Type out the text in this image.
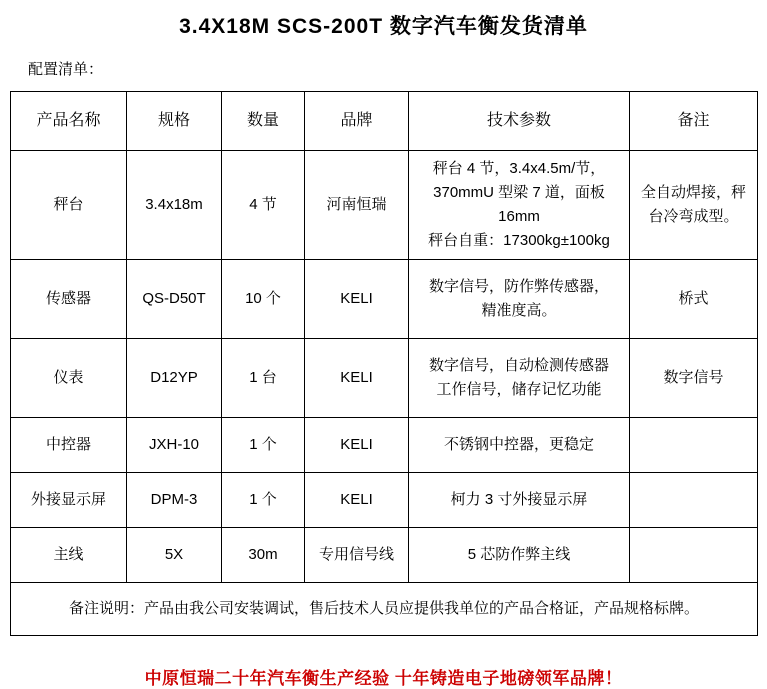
3.4X18M SCS-200T 数字汽车衡发货清单
配置清单：
产品名称	规格	数量	品牌	技术参数	备注
秤台	3.4x18m	4 节	河南恒瑞	秤台 4 节，3.4x4.5m/节，
370mmU 型梁 7 道，面板 16mm
秤台自重：17300kg±100kg	全自动焊接，秤
台冷弯成型。

传感器	QS-D50T	10 个	KELI	数字信号，防作弊传感器，
精准度高。	桥式
仪表	D12YP	1 台	KELI	数字信号，自动检测传感器
工作信号，储存记忆功能	数字信号
中控器	JXH-10	1 个	KELI	不锈钢中控器，更稳定	
外接显示屏	DPM-3	1 个	KELI	柯力 3 寸外接显示屏	
主线	5X	30m	专用信号线	5 芯防作弊主线	
备注说明：产品由我公司安装调试，售后技术人员应提供我单位的产品合格证，产品规格标牌。					
中原恒瑞二十年汽车衡生产经验 十年铸造电子地磅领军品牌！
